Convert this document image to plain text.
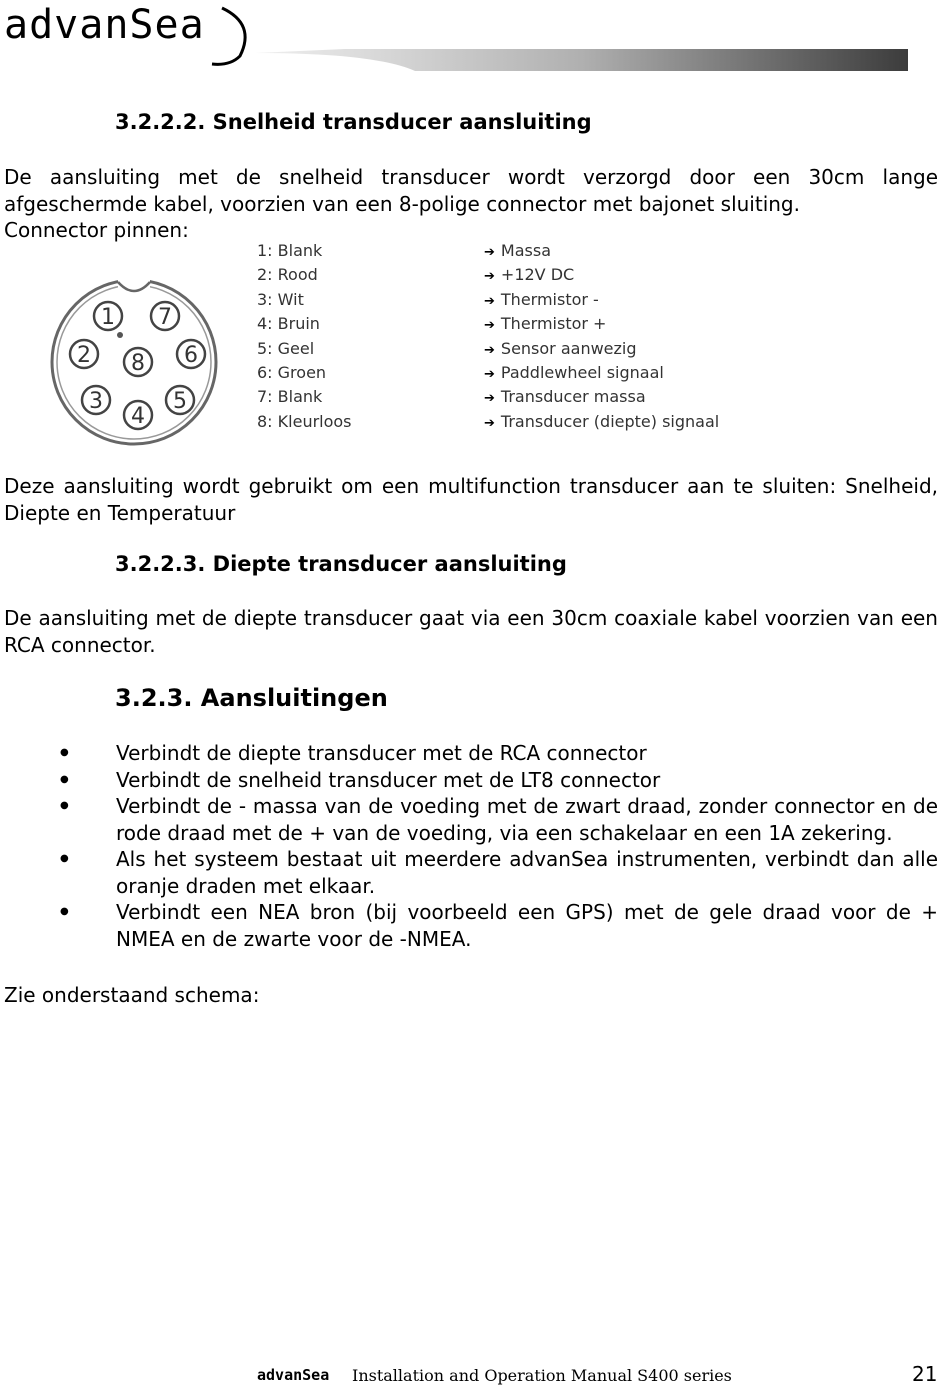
advanSea
3.2.2.2. Snelheid transducer aansluiting
De aansluiting met de snelheid transducer wordt verzorgd door een 30cm lange afgeschermde kabel, voorzien van een 8-polige connector met bajonet sluiting.
Connector pinnen:
1 7
2 8 6
3
4
5
1: Blank	➔ Massa
2: Rood	➔ +12V DC
3: Wit	➔ Thermistor -
4: Bruin	➔ Thermistor +
5: Geel	➔ Sensor aanwezig
6: Groen	➔ Paddlewheel signaal
7: Blank	➔ Transducer massa
8: Kleurloos	➔ Transducer (diepte) signaal
Deze aansluiting wordt gebruikt om een multifunction transducer aan te sluiten: Snelheid, Diepte en Temperatuur
3.2.2.3. Diepte transducer aansluiting
De aansluiting met de diepte transducer gaat via een 30cm coaxiale kabel voorzien van een RCA connector.
3.2.3. Aansluitingen
● Verbindt de diepte transducer met de RCA connector
● Verbindt de snelheid transducer met de LT8 connector
● Verbindt de - massa van de voeding met de zwart draad, zonder connector en de rode draad met de + van de voeding, via een schakelaar en een 1A zekering.
● Als het systeem bestaat uit meerdere advanSea instrumenten, verbindt dan alle oranje draden met elkaar.
● Verbindt een NEA bron (bij voorbeeld een GPS) met de gele draad voor de + NMEA en de zwarte voor de -NMEA.
Zie onderstaand schema:
advanSea Installation and Operation Manual S400 series	21
